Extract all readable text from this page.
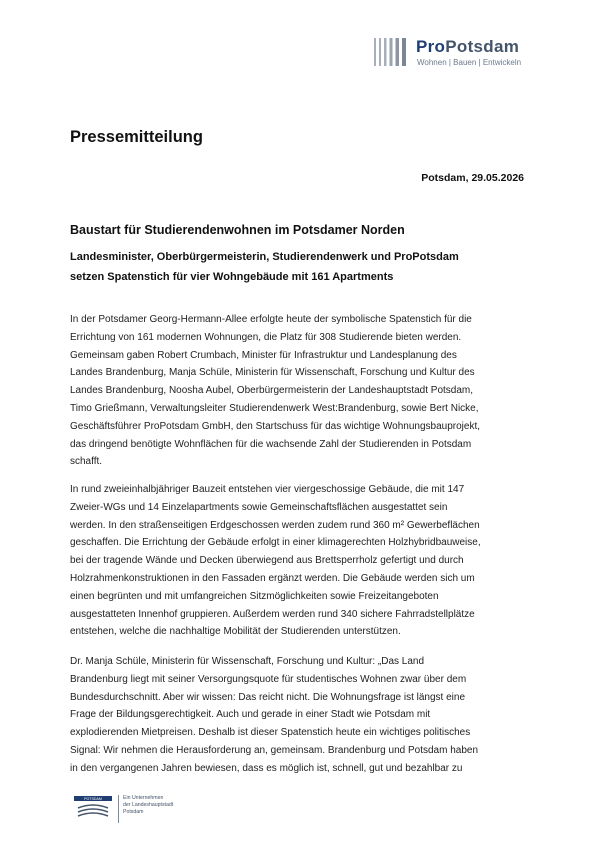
ProPotsdam
Wohnen | Bauen | Entwickeln
Pressemitteilung
Potsdam, 29.05.2026
Baustart für Studierendenwohnen im Potsdamer Norden
Landesminister, Oberbürgermeisterin, Studierendenwerk und ProPotsdam
setzen Spatenstich für vier Wohngebäude mit 161 Apartments

In der Potsdamer Georg-Hermann-Allee erfolgte heute der symbolische Spatenstich für die
Errichtung von 161 modernen Wohnungen, die Platz für 308 Studierende bieten werden.
Gemeinsam gaben Robert Crumbach, Minister für Infrastruktur und Landesplanung des
Landes Brandenburg, Manja Schüle, Ministerin für Wissenschaft, Forschung und Kultur des
Landes Brandenburg, Noosha Aubel, Oberbürgermeisterin der Landeshauptstadt Potsdam,
Timo Grießmann, Verwaltungsleiter Studierendenwerk West:Brandenburg, sowie Bert Nicke,
Geschäftsführer ProPotsdam GmbH, den Startschuss für das wichtige Wohnungsbauprojekt,
das dringend benötigte Wohnflächen für die wachsende Zahl der Studierenden in Potsdam
schafft.

In rund zweieinhalbjähriger Bauzeit entstehen vier viergeschossige Gebäude, die mit 147
Zweier-WGs und 14 Einzelapartments sowie Gemeinschaftsflächen ausgestattet sein
werden. In den straßenseitigen Erdgeschossen werden zudem rund 360 m² Gewerbeflächen
geschaffen. Die Errichtung der Gebäude erfolgt in einer klimagerechten Holzhybridbauweise,
bei der tragende Wände und Decken überwiegend aus Brettsperrholz gefertigt und durch
Holzrahmenkonstruktionen in den Fassaden ergänzt werden. Die Gebäude werden sich um
einen begrünten und mit umfangreichen Sitzmöglichkeiten sowie Freizeitangeboten
ausgestatteten Innenhof gruppieren. Außerdem werden rund 340 sichere Fahrradstellplätze
entstehen, welche die nachhaltige Mobilität der Studierenden unterstützen.

Dr. Manja Schüle, Ministerin für Wissenschaft, Forschung und Kultur: „Das Land
Brandenburg liegt mit seiner Versorgungsquote für studentisches Wohnen zwar über dem
Bundesdurchschnitt. Aber wir wissen: Das reicht nicht. Die Wohnungsfrage ist längst eine
Frage der Bildungsgerechtigkeit. Auch und gerade in einer Stadt wie Potsdam mit
explodierenden Mietpreisen. Deshalb ist dieser Spatenstich heute ein wichtiges politisches
Signal: Wir nehmen die Herausforderung an, gemeinsam. Brandenburg und Potsdam haben
in den vergangenen Jahren bewiesen, dass es möglich ist, schnell, gut und bezahlbar zu

POTSDAM	Ein Unternehmen
der Landeshauptstadt
Potsdam
